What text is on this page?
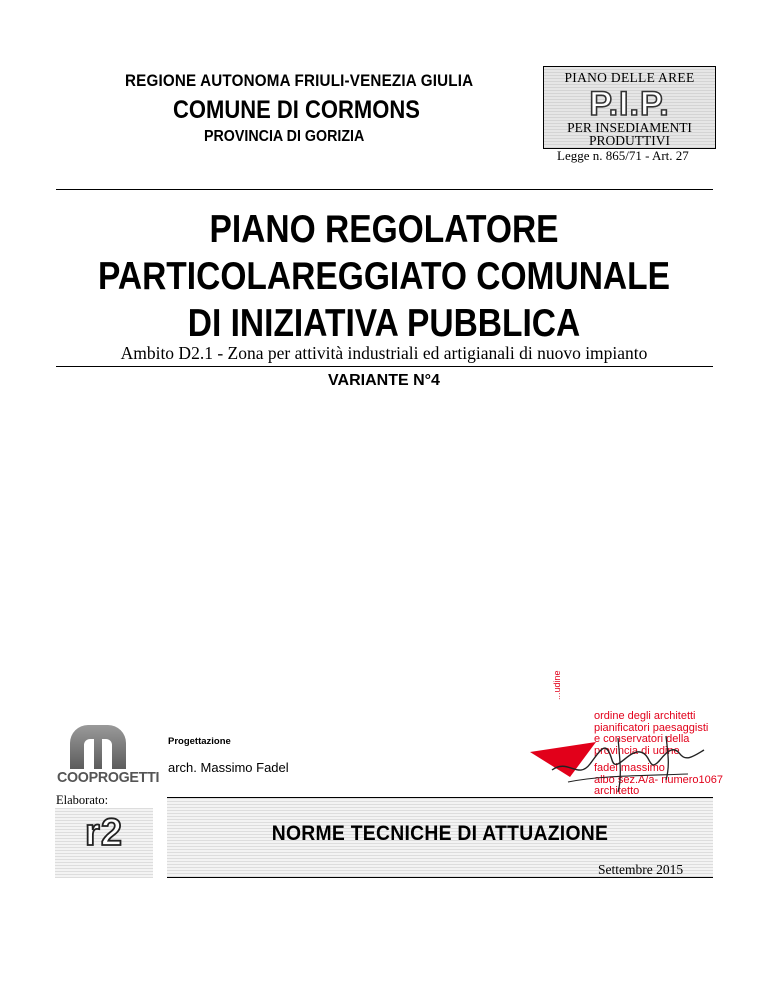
REGIONE AUTONOMA FRIULI-VENEZIA GIULIA
COMUNE DI CORMONS
PROVINCIA DI GORIZIA
PIANO DELLE AREE
P.I.P.
PER INSEDIAMENTI
PRODUTTIVI
Legge n. 865/71 - Art. 27
PIANO REGOLATORE
PARTICOLAREGGIATO COMUNALE
DI INIZIATIVA PUBBLICA
Ambito D2.1 - Zona per attività industriali ed artigianali di nuovo impianto
VARIANTE N°4
COOPROGETTI
Progettazione
arch. Massimo Fadel
...udine
ordine degli architetti
pianificatori paesaggisti
e conservatori della
provincia di udine
fadel massimo
albo sez.A/a- numero1067
architetto
Elaborato:
r2	NORME TECNICHE DI ATTUAZIONE
Settembre 2015
